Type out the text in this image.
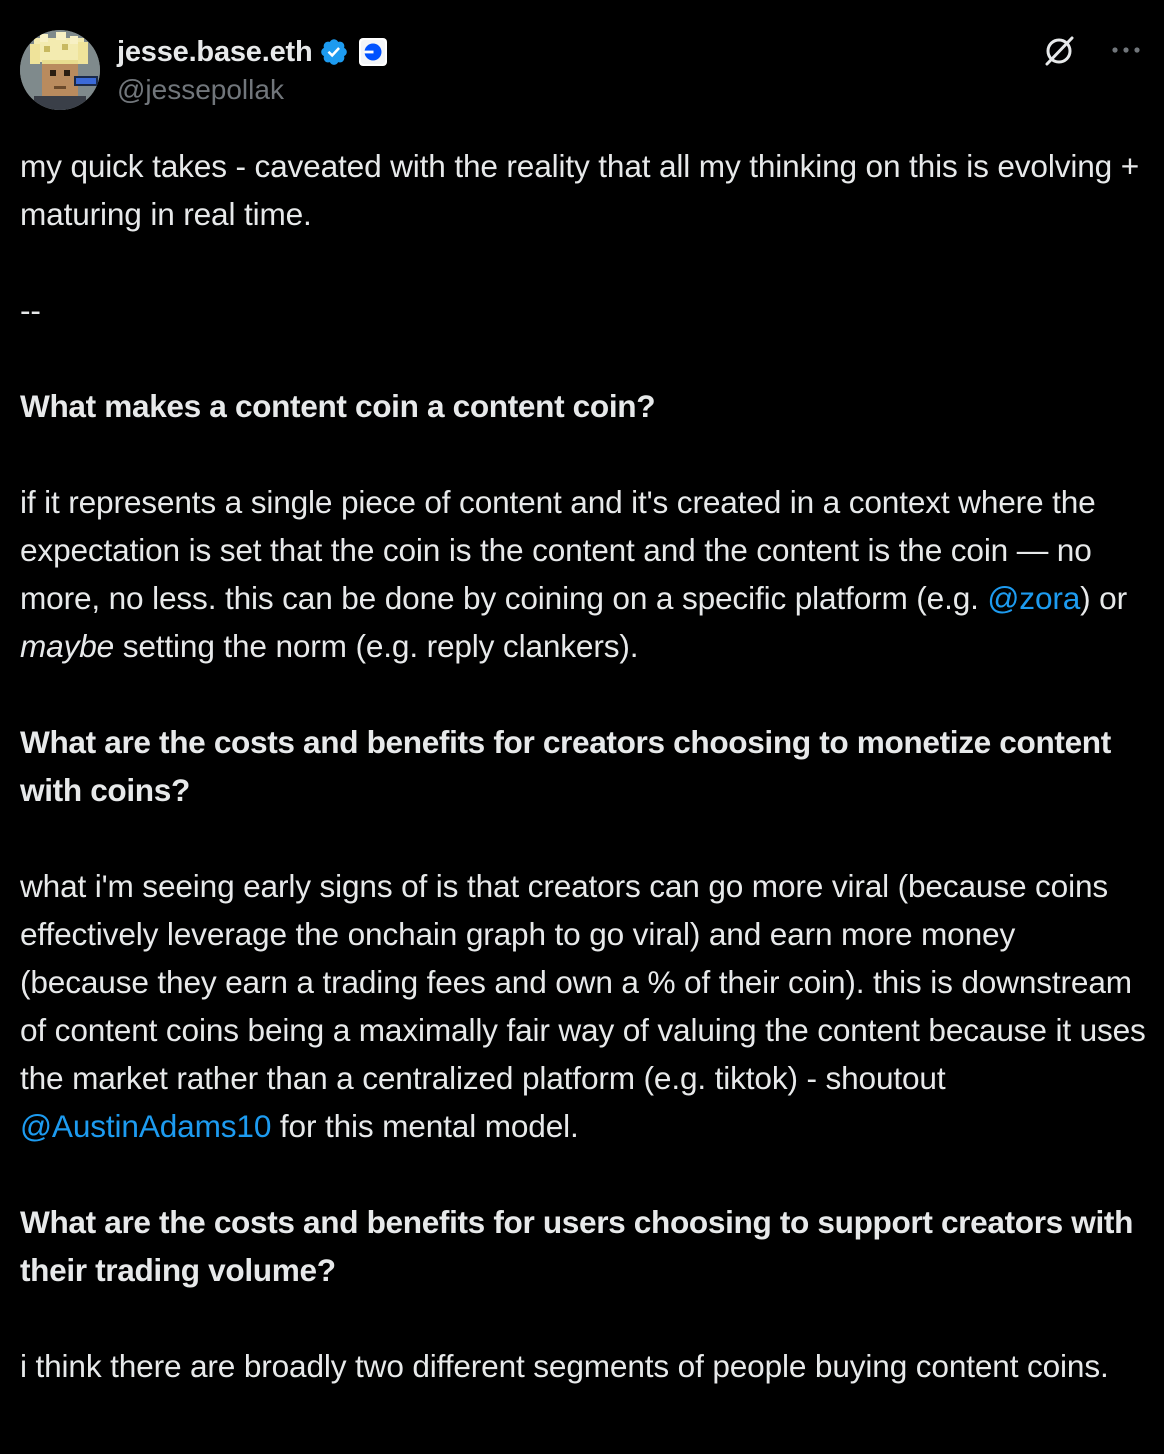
jesse.base.eth
@jessepollak

my quick takes - caveated with the reality that all my thinking on this is evolving + maturing in real time.

--

What makes a content coin a content coin?

if it represents a single piece of content and it's created in a context where the expectation is set that the coin is the content and the content is the coin — no more, no less. this can be done by coining on a specific platform (e.g. @zora) or maybe setting the norm (e.g. reply clankers).

What are the costs and benefits for creators choosing to monetize content with coins?

what i'm seeing early signs of is that creators can go more viral (because coins effectively leverage the onchain graph to go viral) and earn more money (because they earn a trading fees and own a % of their coin). this is downstream of content coins being a maximally fair way of valuing the content because it uses the market rather than a centralized platform (e.g. tiktok) - shoutout @AustinAdams10 for this mental model.

What are the costs and benefits for users choosing to support creators with their trading volume?

i think there are broadly two different segments of people buying content coins.
